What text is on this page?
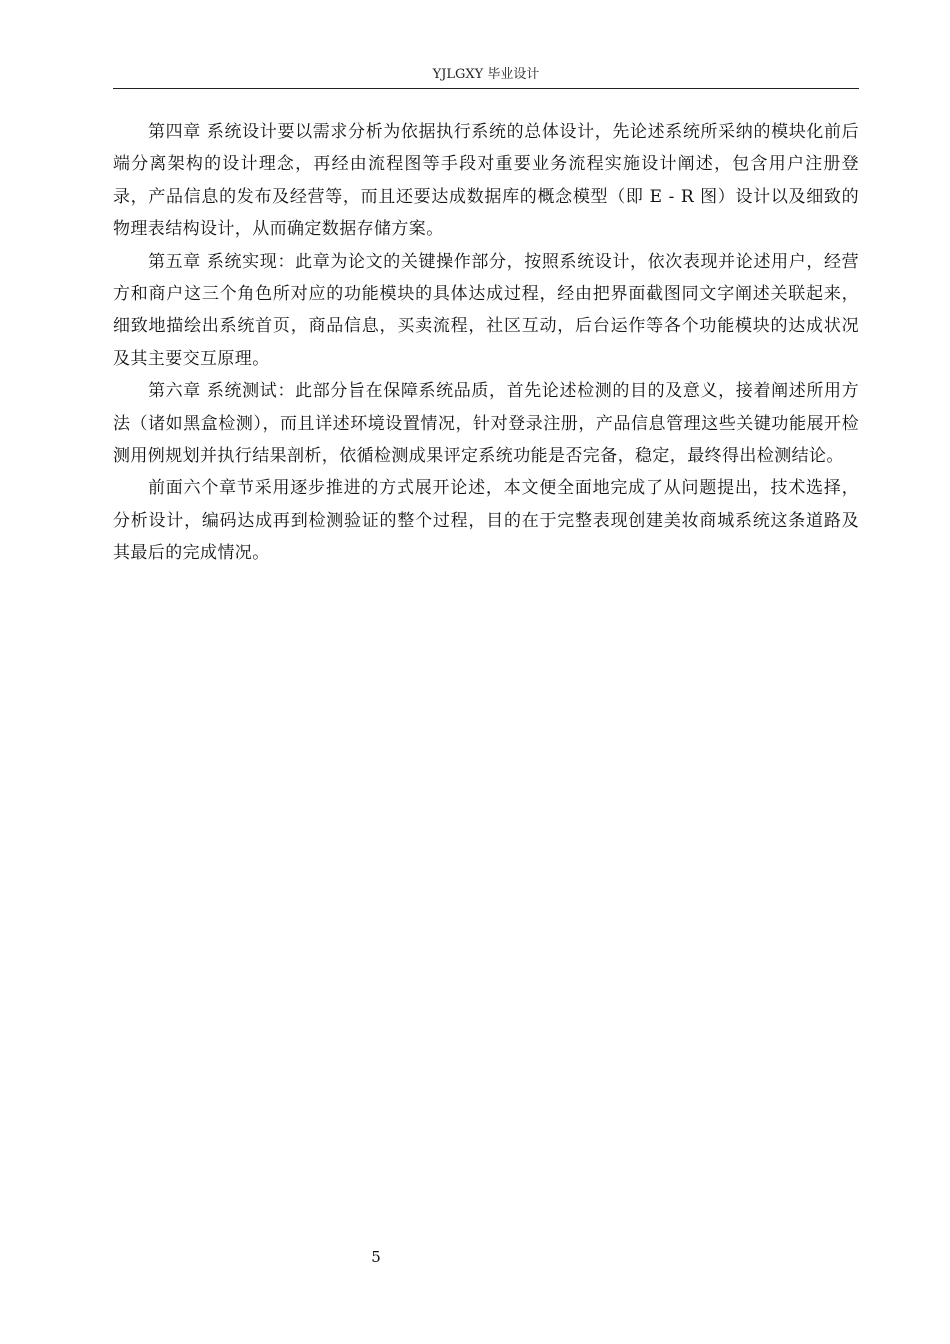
YJLGXY 毕业设计

第四章 系统设计要以需求分析为依据执行系统的总体设计，先论述系统所采纳的模块化前后端分离架构的设计理念，再经由流程图等手段对重要业务流程实施设计阐述，包含用户注册登录，产品信息的发布及经营等，而且还要达成数据库的概念模型（即 E - R 图）设计以及细致的物理表结构设计，从而确定数据存储方案。

第五章 系统实现：此章为论文的关键操作部分，按照系统设计，依次表现并论述用户，经营方和商户这三个角色所对应的功能模块的具体达成过程，经由把界面截图同文字阐述关联起来，细致地描绘出系统首页，商品信息，买卖流程，社区互动，后台运作等各个功能模块的达成状况及其主要交互原理。

第六章 系统测试：此部分旨在保障系统品质，首先论述检测的目的及意义，接着阐述所用方法（诸如黑盒检测），而且详述环境设置情况，针对登录注册，产品信息管理这些关键功能展开检测用例规划并执行结果剖析，依循检测成果评定系统功能是否完备，稳定，最终得出检测结论。

前面六个章节采用逐步推进的方式展开论述，本文便全面地完成了从问题提出，技术选择，分析设计，编码达成再到检测验证的整个过程，目的在于完整表现创建美妆商城系统这条道路及其最后的完成情况。

5
